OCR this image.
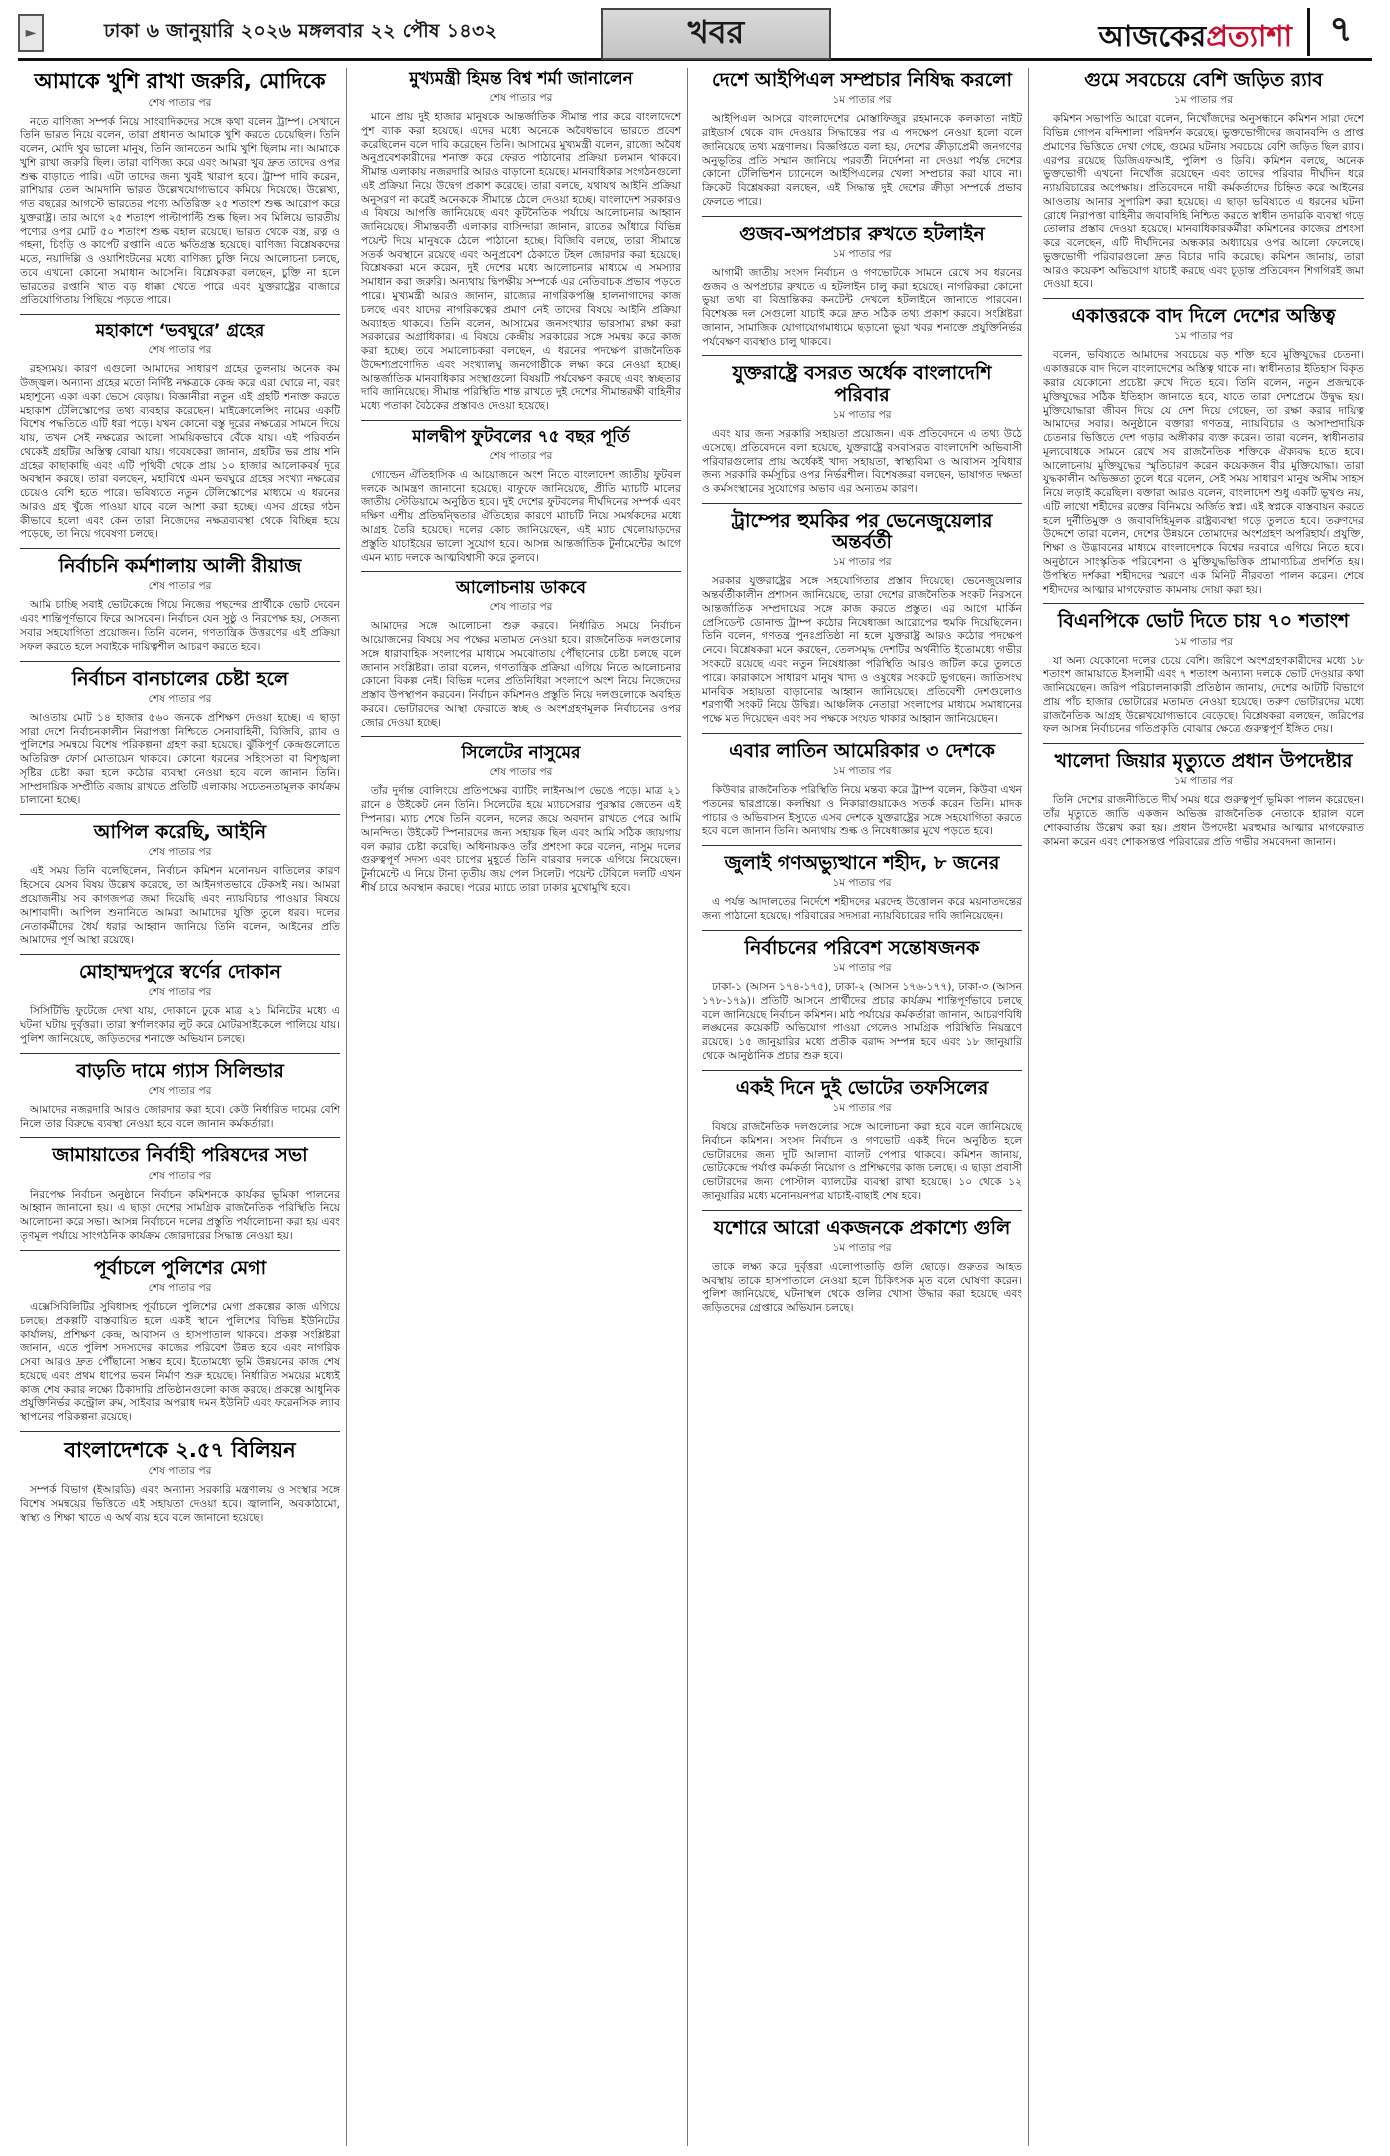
►	ঢাকা ৬ জানুয়ারি ২০২৬ মঙ্গলবার ২২ পৌষ ১৪৩২	খবর	আজকেরপ্রত্যাশা	৭
আমাকে খুশি রাখা জরুরি, মোদিকে
শেষ পাতার পর

নতে বাণিজ্য সম্পর্ক নিয়ে সাংবাদিকদের সঙ্গে কথা বলেন ট্রাম্প। সেখানে তিনি ভারত নিয়ে বলেন, তারা প্রধানত আমাকে খুশি করতে চেয়েছিল। তিনি বলেন, মোদি খুব ভালো মানুষ, তিনি জানতেন আমি খুশি ছিলাম না। আমাকে খুশি রাখা জরুরি ছিল। তারা বাণিজ্য করে এবং আমরা খুব দ্রুত তাদের ওপর শুল্ক বাড়াতে পারি। এটা তাদের জন্য খুবই খারাপ হবে। ট্রাম্প দাবি করেন, রাশিয়ার তেল আমদানি ভারত উল্লেখযোগ্যভাবে কমিয়ে দিয়েছে। উল্লেখ্য, গত বছরের আগস্টে ভারতের পণ্যে অতিরিক্ত ২৫ শতাংশ শুল্ক আরোপ করে যুক্তরাষ্ট্র। তার আগে ২৫ শতাংশ পাল্টাপাল্টি শুল্ক ছিল। সব মিলিয়ে ভারতীয় পণ্যের ওপর মোট ৫০ শতাংশ শুল্ক বহাল রয়েছে। ভারত থেকে বস্ত্র, রত্ন ও গহনা, চিংড়ি ও কার্পেট রপ্তানি এতে ক্ষতিগ্রস্ত হয়েছে। বাণিজ্য বিশ্লেষকদের মতে, নয়াদিল্লি ও ওয়াশিংটনের মধ্যে বাণিজ্য চুক্তি নিয়ে আলোচনা চলছে, তবে এখনো কোনো সমাধান আসেনি। বিশ্লেষকরা বলছেন, চুক্তি না হলে ভারতের রপ্তানি খাত বড় ধাক্কা খেতে পারে এবং যুক্তরাষ্ট্রের বাজারে প্রতিযোগিতায় পিছিয়ে পড়তে পারে।

মহাকাশে ‘ভবঘুরে’ গ্রহের
শেষ পাতার পর

রহস্যময়। কারণ এগুলো আমাদের সাধারণ গ্রহের তুলনায় অনেক কম উজ্জ্বল। অন্যান্য গ্রহের মতো নির্দিষ্ট নক্ষত্রকে কেন্দ্র করে এরা ঘোরে না, বরং মহাশূন্যে একা একা ভেসে বেড়ায়। বিজ্ঞানীরা নতুন এই গ্রহটি শনাক্ত করতে মহাকাশ টেলিস্কোপের তথ্য ব্যবহার করেছেন। মাইক্রোলেন্সিং নামের একটি বিশেষ পদ্ধতিতে এটি ধরা পড়ে। যখন কোনো বস্তু দূরের নক্ষত্রের সামনে দিয়ে যায়, তখন সেই নক্ষত্রের আলো সাময়িকভাবে বেঁকে যায়। এই পরিবর্তন থেকেই গ্রহটির অস্তিত্ব বোঝা যায়। গবেষকেরা জানান, গ্রহটির ভর প্রায় শনি গ্রহের কাছাকাছি এবং এটি পৃথিবী থেকে প্রায় ১০ হাজার আলোকবর্ষ দূরে অবস্থান করছে। তারা বলছেন, মহাবিশ্বে এমন ভবঘুরে গ্রহের সংখ্যা নক্ষত্রের চেয়েও বেশি হতে পারে। ভবিষ্যতে নতুন টেলিস্কোপের মাধ্যমে এ ধরনের আরও গ্রহ খুঁজে পাওয়া যাবে বলে আশা করা হচ্ছে। এসব গ্রহের গঠন কীভাবে হলো এবং কেন তারা নিজেদের নক্ষত্রব্যবস্থা থেকে বিচ্ছিন্ন হয়ে পড়েছে, তা নিয়ে গবেষণা চলছে।

নির্বাচনি কর্মশালায় আলী রীয়াজ
শেষ পাতার পর

আমি চাচ্ছি সবাই ভোটকেন্দ্রে গিয়ে নিজের পছন্দের প্রার্থীকে ভোট দেবেন এবং শান্তিপূর্ণভাবে ফিরে আসবেন। নির্বাচন যেন সুষ্ঠু ও নিরপেক্ষ হয়, সেজন্য সবার সহযোগিতা প্রয়োজন। তিনি বলেন, গণতান্ত্রিক উত্তরণের এই প্রক্রিয়া সফল করতে হলে সবাইকে দায়িত্বশীল আচরণ করতে হবে।

নির্বাচন বানচালের চেষ্টা হলে
শেষ পাতার পর

আওতায় মোট ১৪ হাজার ৫৬০ জনকে প্রশিক্ষণ দেওয়া হচ্ছে। এ ছাড়া সারা দেশে নির্বাচনকালীন নিরাপত্তা নিশ্চিতে সেনাবাহিনী, বিজিবি, র‍্যাব ও পুলিশের সমন্বয়ে বিশেষ পরিকল্পনা গ্রহণ করা হয়েছে। ঝুঁকিপূর্ণ কেন্দ্রগুলোতে অতিরিক্ত ফোর্স মোতায়েন থাকবে। কোনো ধরনের সহিংসতা বা বিশৃঙ্খলা সৃষ্টির চেষ্টা করা হলে কঠোর ব্যবস্থা নেওয়া হবে বলে জানান তিনি। সাম্প্রদায়িক সম্প্রীতি বজায় রাখতে প্রতিটি এলাকায় সচেতনতামূলক কার্যক্রম চালানো হচ্ছে।

আপিল করেছি, আইনি
শেষ পাতার পর

এই সময় তিনি বলেছিলেন, নির্বাচন কমিশন মনোনয়ন বাতিলের কারণ হিসেবে যেসব বিষয় উল্লেখ করেছে, তা আইনগতভাবে টেকসই নয়। আমরা প্রয়োজনীয় সব কাগজপত্র জমা দিয়েছি এবং ন্যায়বিচার পাওয়ার বিষয়ে আশাবাদী। আপিল শুনানিতে আমরা আমাদের যুক্তি তুলে ধরব। দলের নেতাকর্মীদের ধৈর্য ধরার আহ্বান জানিয়ে তিনি বলেন, আইনের প্রতি আমাদের পূর্ণ আস্থা রয়েছে।

মোহাম্মদপুরে স্বর্ণের দোকান
শেষ পাতার পর

সিসিটিভি ফুটেজে দেখা যায়, দোকানে ঢুকে মাত্র ২১ মিনিটের মধ্যে এ ঘটনা ঘটায় দুর্বৃত্তরা। তারা স্বর্ণালংকার লুট করে মোটরসাইকেলে পালিয়ে যায়। পুলিশ জানিয়েছে, জড়িতদের শনাক্তে অভিযান চলছে।

বাড়তি দামে গ্যাস সিলিন্ডার
শেষ পাতার পর

আমাদের নজরদারি আরও জোরদার করা হবে। কেউ নির্ধারিত দামের বেশি নিলে তার বিরুদ্ধে ব্যবস্থা নেওয়া হবে বলে জানান কর্মকর্তারা।

জামায়াতের নির্বাহী পরিষদের সভা
শেষ পাতার পর

নিরপেক্ষ নির্বাচন অনুষ্ঠানে নির্বাচন কমিশনকে কার্যকর ভূমিকা পালনের আহ্বান জানানো হয়। এ ছাড়া দেশের সামগ্রিক রাজনৈতিক পরিস্থিতি নিয়ে আলোচনা করে সভা। আসন্ন নির্বাচনে দলের প্রস্তুতি পর্যালোচনা করা হয় এবং তৃণমূল পর্যায়ে সাংগঠনিক কার্যক্রম জোরদারের সিদ্ধান্ত নেওয়া হয়।

পূর্বাচলে পুলিশের মেগা
শেষ পাতার পর

এক্সেসিবিলিটির সুবিধাসহ পূর্বাচলে পুলিশের মেগা প্রকল্পের কাজ এগিয়ে চলছে। প্রকল্পটি বাস্তবায়িত হলে একই স্থানে পুলিশের বিভিন্ন ইউনিটের কার্যালয়, প্রশিক্ষণ কেন্দ্র, আবাসন ও হাসপাতাল থাকবে। প্রকল্প সংশ্লিষ্টরা জানান, এতে পুলিশ সদস্যদের কাজের পরিবেশ উন্নত হবে এবং নাগরিক সেবা আরও দ্রুত পৌঁছানো সম্ভব হবে। ইতোমধ্যে ভূমি উন্নয়নের কাজ শেষ হয়েছে এবং প্রথম ধাপের ভবন নির্মাণ শুরু হয়েছে। নির্ধারিত সময়ের মধ্যেই কাজ শেষ করার লক্ষ্যে ঠিকাদারি প্রতিষ্ঠানগুলো কাজ করছে। প্রকল্পে আধুনিক প্রযুক্তিনির্ভর কন্ট্রোল রুম, সাইবার অপরাধ দমন ইউনিট এবং ফরেনসিক ল্যাব স্থাপনের পরিকল্পনা রয়েছে।

বাংলাদেশকে ২.৫৭ বিলিয়ন
শেষ পাতার পর

সম্পর্ক বিভাগ (ইআরডি) এবং অন্যান্য সরকারি মন্ত্রণালয় ও সংস্থার সঙ্গে বিশেষ সমন্বয়ের ভিত্তিতে এই সহায়তা দেওয়া হবে। জ্বালানি, অবকাঠামো, স্বাস্থ্য ও শিক্ষা খাতে এ অর্থ ব্যয় হবে বলে জানানো হয়েছে।

মুখ্যমন্ত্রী হিমন্ত বিশ্ব শর্মা জানালেন
শেষ পাতার পর

মানে প্রায় দুই হাজার মানুষকে আন্তর্জাতিক সীমান্ত পার করে বাংলাদেশে পুশ ব্যাক করা হয়েছে। এদের মধ্যে অনেকে অবৈধভাবে ভারতে প্রবেশ করেছিলেন বলে দাবি করেছেন তিনি। আসামের মুখ্যমন্ত্রী বলেন, রাজ্যে অবৈধ অনুপ্রবেশকারীদের শনাক্ত করে ফেরত পাঠানোর প্রক্রিয়া চলমান থাকবে। সীমান্ত এলাকায় নজরদারি আরও বাড়ানো হয়েছে। মানবাধিকার সংগঠনগুলো এই প্রক্রিয়া নিয়ে উদ্বেগ প্রকাশ করেছে। তারা বলছে, যথাযথ আইনি প্রক্রিয়া অনুসরণ না করেই অনেককে সীমান্তে ঠেলে দেওয়া হচ্ছে। বাংলাদেশ সরকারও এ বিষয়ে আপত্তি জানিয়েছে এবং কূটনৈতিক পর্যায়ে আলোচনার আহ্বান জানিয়েছে। সীমান্তবর্তী এলাকার বাসিন্দারা জানান, রাতের আঁধারে বিভিন্ন পয়েন্ট দিয়ে মানুষকে ঠেলে পাঠানো হচ্ছে। বিজিবি বলছে, তারা সীমান্তে সতর্ক অবস্থানে রয়েছে এবং অনুপ্রবেশ ঠেকাতে টহল জোরদার করা হয়েছে। বিশ্লেষকরা মনে করেন, দুই দেশের মধ্যে আলোচনার মাধ্যমে এ সমস্যার সমাধান করা জরুরি। অন্যথায় দ্বিপক্ষীয় সম্পর্কে এর নেতিবাচক প্রভাব পড়তে পারে। মুখ্যমন্ত্রী আরও জানান, রাজ্যের নাগরিকপঞ্জি হালনাগাদের কাজ চলছে এবং যাদের নাগরিকত্বের প্রমাণ নেই তাদের বিষয়ে আইনি প্রক্রিয়া অব্যাহত থাকবে। তিনি বলেন, আসামের জনসংখ্যার ভারসাম্য রক্ষা করা সরকারের অগ্রাধিকার। এ বিষয়ে কেন্দ্রীয় সরকারের সঙ্গে সমন্বয় করে কাজ করা হচ্ছে। তবে সমালোচকরা বলছেন, এ ধরনের পদক্ষেপ রাজনৈতিক উদ্দেশ্যপ্রণোদিত এবং সংখ্যালঘু জনগোষ্ঠীকে লক্ষ্য করে নেওয়া হচ্ছে। আন্তর্জাতিক মানবাধিকার সংস্থাগুলো বিষয়টি পর্যবেক্ষণ করছে এবং স্বচ্ছতার দাবি জানিয়েছে। সীমান্ত পরিস্থিতি শান্ত রাখতে দুই দেশের সীমান্তরক্ষী বাহিনীর মধ্যে পতাকা বৈঠকের প্রস্তাবও দেওয়া হয়েছে।

মালদ্বীপ ফুটবলের ৭৫ বছর পূর্তি
শেষ পাতার পর

গোল্ডেন ঐতিহাসিক এ আয়োজনে অংশ নিতে বাংলাদেশ জাতীয় ফুটবল দলকে আমন্ত্রণ জানানো হয়েছে। বাফুফে জানিয়েছে, প্রীতি ম্যাচটি মালের জাতীয় স্টেডিয়ামে অনুষ্ঠিত হবে। দুই দেশের ফুটবলের দীর্ঘদিনের সম্পর্ক এবং দক্ষিণ এশীয় প্রতিদ্বন্দ্বিতার ঐতিহ্যের কারণে ম্যাচটি নিয়ে সমর্থকদের মধ্যে আগ্রহ তৈরি হয়েছে। দলের কোচ জানিয়েছেন, এই ম্যাচ খেলোয়াড়দের প্রস্তুতি যাচাইয়ের ভালো সুযোগ হবে। আসন্ন আন্তর্জাতিক টুর্নামেন্টের আগে এমন ম্যাচ দলকে আত্মবিশ্বাসী করে তুলবে।

আলোচনায় ডাকবে
শেষ পাতার পর

আমাদের সঙ্গে আলোচনা শুরু করবে। নির্ধারিত সময়ে নির্বাচন আয়োজনের বিষয়ে সব পক্ষের মতামত নেওয়া হবে। রাজনৈতিক দলগুলোর সঙ্গে ধারাবাহিক সংলাপের মাধ্যমে সমঝোতায় পৌঁছানোর চেষ্টা চলছে বলে জানান সংশ্লিষ্টরা। তারা বলেন, গণতান্ত্রিক প্রক্রিয়া এগিয়ে নিতে আলোচনার কোনো বিকল্প নেই। বিভিন্ন দলের প্রতিনিধিরা সংলাপে অংশ নিয়ে নিজেদের প্রস্তাব উপস্থাপন করবেন। নির্বাচন কমিশনও প্রস্তুতি নিয়ে দলগুলোকে অবহিত করবে। ভোটারদের আস্থা ফেরাতে স্বচ্ছ ও অংশগ্রহণমূলক নির্বাচনের ওপর জোর দেওয়া হচ্ছে।

সিলেটের নাসুমের
শেষ পাতার পর

তাঁর দুর্দান্ত বোলিংয়ে প্রতিপক্ষের ব্যাটিং লাইনআপ ভেঙে পড়ে। মাত্র ২১ রানে ৪ উইকেট নেন তিনি। সিলেটের হয়ে ম্যাচসেরার পুরস্কার জেতেন এই স্পিনার। ম্যাচ শেষে তিনি বলেন, দলের জয়ে অবদান রাখতে পেরে আমি আনন্দিত। উইকেট স্পিনারদের জন্য সহায়ক ছিল এবং আমি সঠিক জায়গায় বল করার চেষ্টা করেছি। অধিনায়কও তাঁর প্রশংসা করে বলেন, নাসুম দলের গুরুত্বপূর্ণ সদস্য এবং চাপের মুহূর্তে তিনি বারবার দলকে এগিয়ে নিয়েছেন। টুর্নামেন্টে এ নিয়ে টানা তৃতীয় জয় পেল সিলেট। পয়েন্ট টেবিলে দলটি এখন শীর্ষ চারে অবস্থান করছে। পরের ম্যাচে তারা ঢাকার মুখোমুখি হবে।

দেশে আইপিএল সম্প্রচার নিষিদ্ধ করলো
১ম পাতার পর

আইপিএল আসরে বাংলাদেশের মোস্তাফিজুর রহমানকে কলকাতা নাইট রাইডার্স থেকে বাদ দেওয়ার সিদ্ধান্তের পর এ পদক্ষেপ নেওয়া হলো বলে জানিয়েছে তথ্য মন্ত্রণালয়। বিজ্ঞপ্তিতে বলা হয়, দেশের ক্রীড়াপ্রেমী জনগণের অনুভূতির প্রতি সম্মান জানিয়ে পরবর্তী নির্দেশনা না দেওয়া পর্যন্ত দেশের কোনো টেলিভিশন চ্যানেলে আইপিএলের খেলা সম্প্রচার করা যাবে না। ক্রিকেট বিশ্লেষকরা বলছেন, এই সিদ্ধান্ত দুই দেশের ক্রীড়া সম্পর্কে প্রভাব ফেলতে পারে।

গুজব-অপপ্রচার রুখতে হটলাইন
১ম পাতার পর

আগামী জাতীয় সংসদ নির্বাচন ও গণভোটকে সামনে রেখে সব ধরনের গুজব ও অপপ্রচার রুখতে এ হটলাইন চালু করা হয়েছে। নাগরিকরা কোনো ভুয়া তথ্য বা বিভ্রান্তিকর কনটেন্ট দেখলে হটলাইনে জানাতে পারবেন। বিশেষজ্ঞ দল সেগুলো যাচাই করে দ্রুত সঠিক তথ্য প্রকাশ করবে। সংশ্লিষ্টরা জানান, সামাজিক যোগাযোগমাধ্যমে ছড়ানো ভুয়া খবর শনাক্তে প্রযুক্তিনির্ভর পর্যবেক্ষণ ব্যবস্থাও চালু থাকবে।

যুক্তরাষ্ট্রে বসরত অর্ধেক বাংলাদেশি পরিবার
১ম পাতার পর

এবং যার জন্য সরকারি সহায়তা প্রয়োজন। এক প্রতিবেদনে এ তথ্য উঠে এসেছে। প্রতিবেদনে বলা হয়েছে, যুক্তরাষ্ট্রে বসবাসরত বাংলাদেশি অভিবাসী পরিবারগুলোর প্রায় অর্ধেকই খাদ্য সহায়তা, স্বাস্থ্যবিমা ও আবাসন সুবিধার জন্য সরকারি কর্মসূচির ওপর নির্ভরশীল। বিশেষজ্ঞরা বলছেন, ভাষাগত দক্ষতা ও কর্মসংস্থানের সুযোগের অভাব এর অন্যতম কারণ।

ট্রাম্পের হুমকির পর ভেনেজুয়েলার অন্তর্বর্তী
১ম পাতার পর

সরকার যুক্তরাষ্ট্রের সঙ্গে সহযোগিতার প্রস্তাব দিয়েছে। ভেনেজুয়েলার অন্তর্বর্তীকালীন প্রশাসন জানিয়েছে, তারা দেশের রাজনৈতিক সংকট নিরসনে আন্তর্জাতিক সম্প্রদায়ের সঙ্গে কাজ করতে প্রস্তুত। এর আগে মার্কিন প্রেসিডেন্ট ডোনাল্ড ট্রাম্প কঠোর নিষেধাজ্ঞা আরোপের হুমকি দিয়েছিলেন। তিনি বলেন, গণতন্ত্র পুনঃপ্রতিষ্ঠা না হলে যুক্তরাষ্ট্র আরও কঠোর পদক্ষেপ নেবে। বিশ্লেষকরা মনে করছেন, তেলসমৃদ্ধ দেশটির অর্থনীতি ইতোমধ্যে গভীর সংকটে রয়েছে এবং নতুন নিষেধাজ্ঞা পরিস্থিতি আরও জটিল করে তুলতে পারে। কারাকাসে সাধারণ মানুষ খাদ্য ও ওষুধের সংকটে ভুগছেন। জাতিসংঘ মানবিক সহায়তা বাড়ানোর আহ্বান জানিয়েছে। প্রতিবেশী দেশগুলোও শরণার্থী সংকট নিয়ে উদ্বিগ্ন। আঞ্চলিক নেতারা সংলাপের মাধ্যমে সমাধানের পক্ষে মত দিয়েছেন এবং সব পক্ষকে সংযত থাকার আহ্বান জানিয়েছেন।

এবার লাতিন আমেরিকার ৩ দেশকে
১ম পাতার পর

কিউবার রাজনৈতিক পরিস্থিতি নিয়ে মন্তব্য করে ট্রাম্প বলেন, কিউবা এখন পতনের দ্বারপ্রান্তে। কলম্বিয়া ও নিকারাগুয়াকেও সতর্ক করেন তিনি। মাদক পাচার ও অভিবাসন ইস্যুতে এসব দেশকে যুক্তরাষ্ট্রের সঙ্গে সহযোগিতা করতে হবে বলে জানান তিনি। অন্যথায় শুল্ক ও নিষেধাজ্ঞার মুখে পড়তে হবে।

জুলাই গণঅভ্যুত্থানে শহীদ, ৮ জনের
১ম পাতার পর

এ পর্যন্ত আদালতের নির্দেশে শহীদদের মরদেহ উত্তোলন করে ময়নাতদন্তের জন্য পাঠানো হয়েছে। পরিবারের সদস্যরা ন্যায়বিচারের দাবি জানিয়েছেন।

নির্বাচনের পরিবেশ সন্তোষজনক
১ম পাতার পর

ঢাকা-১ (আসন ১৭৪-১৭৫), ঢাকা-২ (আসন ১৭৬-১৭৭), ঢাকা-৩ (আসন ১৭৮-১৭৯)। প্রতিটি আসনে প্রার্থীদের প্রচার কার্যক্রম শান্তিপূর্ণভাবে চলছে বলে জানিয়েছে নির্বাচন কমিশন। মাঠ পর্যায়ের কর্মকর্তারা জানান, আচরণবিধি লঙ্ঘনের কয়েকটি অভিযোগ পাওয়া গেলেও সামগ্রিক পরিস্থিতি নিয়ন্ত্রণে রয়েছে। ১৫ জানুয়ারির মধ্যে প্রতীক বরাদ্দ সম্পন্ন হবে এবং ১৮ জানুয়ারি থেকে আনুষ্ঠানিক প্রচার শুরু হবে।

একই দিনে দুই ভোটের তফসিলের
১ম পাতার পর

বিষয়ে রাজনৈতিক দলগুলোর সঙ্গে আলোচনা করা হবে বলে জানিয়েছে নির্বাচন কমিশন। সংসদ নির্বাচন ও গণভোট একই দিনে অনুষ্ঠিত হলে ভোটারদের জন্য দুটি আলাদা ব্যালট পেপার থাকবে। কমিশন জানায়, ভোটকেন্দ্রে পর্যাপ্ত কর্মকর্তা নিয়োগ ও প্রশিক্ষণের কাজ চলছে। এ ছাড়া প্রবাসী ভোটারদের জন্য পোস্টাল ব্যালটের ব্যবস্থা রাখা হয়েছে। ১০ থেকে ১২ জানুয়ারির মধ্যে মনোনয়নপত্র যাচাই-বাছাই শেষ হবে।

যশোরে আরো একজনকে প্রকাশ্যে গুলি
১ম পাতার পর

তাকে লক্ষ্য করে দুর্বৃত্তরা এলোপাতাড়ি গুলি ছোড়ে। গুরুতর আহত অবস্থায় তাকে হাসপাতালে নেওয়া হলে চিকিৎসক মৃত বলে ঘোষণা করেন। পুলিশ জানিয়েছে, ঘটনাস্থল থেকে গুলির খোসা উদ্ধার করা হয়েছে এবং জড়িতদের গ্রেপ্তারে অভিযান চলছে।

গুমে সবচেয়ে বেশি জড়িত র‍্যাব
১ম পাতার পর

কমিশন সভাপতি আরো বলেন, নিখোঁজদের অনুসন্ধানে কমিশন সারা দেশে বিভিন্ন গোপন বন্দিশালা পরিদর্শন করেছে। ভুক্তভোগীদের জবানবন্দি ও প্রাপ্ত প্রমাণের ভিত্তিতে দেখা গেছে, গুমের ঘটনায় সবচেয়ে বেশি জড়িত ছিল র‍্যাব। এরপর রয়েছে ডিজিএফআই, পুলিশ ও ডিবি। কমিশন বলছে, অনেক ভুক্তভোগী এখনো নিখোঁজ রয়েছেন এবং তাদের পরিবার দীর্ঘদিন ধরে ন্যায়বিচারের অপেক্ষায়। প্রতিবেদনে দায়ী কর্মকর্তাদের চিহ্নিত করে আইনের আওতায় আনার সুপারিশ করা হয়েছে। এ ছাড়া ভবিষ্যতে এ ধরনের ঘটনা রোধে নিরাপত্তা বাহিনীর জবাবদিহি নিশ্চিত করতে স্বাধীন তদারকি ব্যবস্থা গড়ে তোলার প্রস্তাব দেওয়া হয়েছে। মানবাধিকারকর্মীরা কমিশনের কাজের প্রশংসা করে বলেছেন, এটি দীর্ঘদিনের অন্ধকার অধ্যায়ের ওপর আলো ফেলেছে। ভুক্তভোগী পরিবারগুলো দ্রুত বিচার দাবি করেছে। কমিশন জানায়, তারা আরও কয়েকশ অভিযোগ যাচাই করছে এবং চূড়ান্ত প্রতিবেদন শিগগিরই জমা দেওয়া হবে।

একাত্তরকে বাদ দিলে দেশের অস্তিত্ব
১ম পাতার পর

বলেন, ভবিষ্যতে আমাদের সবচেয়ে বড় শক্তি হবে মুক্তিযুদ্ধের চেতনা। একাত্তরকে বাদ দিলে বাংলাদেশের অস্তিত্ব থাকে না। স্বাধীনতার ইতিহাস বিকৃত করার যেকোনো প্রচেষ্টা রুখে দিতে হবে। তিনি বলেন, নতুন প্রজন্মকে মুক্তিযুদ্ধের সঠিক ইতিহাস জানাতে হবে, যাতে তারা দেশপ্রেমে উদ্বুদ্ধ হয়। মুক্তিযোদ্ধারা জীবন দিয়ে যে দেশ দিয়ে গেছেন, তা রক্ষা করার দায়িত্ব আমাদের সবার। অনুষ্ঠানে বক্তারা গণতন্ত্র, ন্যায়বিচার ও অসাম্প্রদায়িক চেতনার ভিত্তিতে দেশ গড়ার অঙ্গীকার ব্যক্ত করেন। তারা বলেন, স্বাধীনতার মূল্যবোধকে সামনে রেখে সব রাজনৈতিক শক্তিকে ঐক্যবদ্ধ হতে হবে। আলোচনায় মুক্তিযুদ্ধের স্মৃতিচারণ করেন কয়েকজন বীর মুক্তিযোদ্ধা। তারা যুদ্ধকালীন অভিজ্ঞতা তুলে ধরে বলেন, সেই সময় সাধারণ মানুষ অসীম সাহস নিয়ে লড়াই করেছিল। বক্তারা আরও বলেন, বাংলাদেশ শুধু একটি ভূখণ্ড নয়, এটি লাখো শহীদের রক্তের বিনিময়ে অর্জিত স্বপ্ন। এই স্বপ্নকে বাস্তবায়ন করতে হলে দুর্নীতিমুক্ত ও জবাবদিহিমূলক রাষ্ট্রব্যবস্থা গড়ে তুলতে হবে। তরুণদের উদ্দেশে তারা বলেন, দেশের উন্নয়নে তোমাদের অংশগ্রহণ অপরিহার্য। প্রযুক্তি, শিক্ষা ও উদ্ভাবনের মাধ্যমে বাংলাদেশকে বিশ্বের দরবারে এগিয়ে নিতে হবে। অনুষ্ঠানে সাংস্কৃতিক পরিবেশনা ও মুক্তিযুদ্ধভিত্তিক প্রামাণ্যচিত্র প্রদর্শিত হয়। উপস্থিত দর্শকরা শহীদদের স্মরণে এক মিনিট নীরবতা পালন করেন। শেষে শহীদদের আত্মার মাগফেরাত কামনায় দোয়া করা হয়।

বিএনপিকে ভোট দিতে চায় ৭০ শতাংশ
১ম পাতার পর

যা অন্য যেকোনো দলের চেয়ে বেশি। জরিপে অংশগ্রহণকারীদের মধ্যে ১৮ শতাংশ জামায়াতে ইসলামী এবং ৭ শতাংশ অন্যান্য দলকে ভোট দেওয়ার কথা জানিয়েছেন। জরিপ পরিচালনাকারী প্রতিষ্ঠান জানায়, দেশের আটটি বিভাগে প্রায় পাঁচ হাজার ভোটারের মতামত নেওয়া হয়েছে। তরুণ ভোটারদের মধ্যে রাজনৈতিক আগ্রহ উল্লেখযোগ্যভাবে বেড়েছে। বিশ্লেষকরা বলছেন, জরিপের ফল আসন্ন নির্বাচনের গতিপ্রকৃতি বোঝার ক্ষেত্রে গুরুত্বপূর্ণ ইঙ্গিত দেয়।

খালেদা জিয়ার মৃত্যুতে প্রধান উপদেষ্টার
১ম পাতার পর

তিনি দেশের রাজনীতিতে দীর্ঘ সময় ধরে গুরুত্বপূর্ণ ভূমিকা পালন করেছেন। তাঁর মৃত্যুতে জাতি একজন অভিজ্ঞ রাজনৈতিক নেতাকে হারাল বলে শোকবার্তায় উল্লেখ করা হয়। প্রধান উপদেষ্টা মরহুমার আত্মার মাগফেরাত কামনা করেন এবং শোকসন্তপ্ত পরিবারের প্রতি গভীর সমবেদনা জানান।
